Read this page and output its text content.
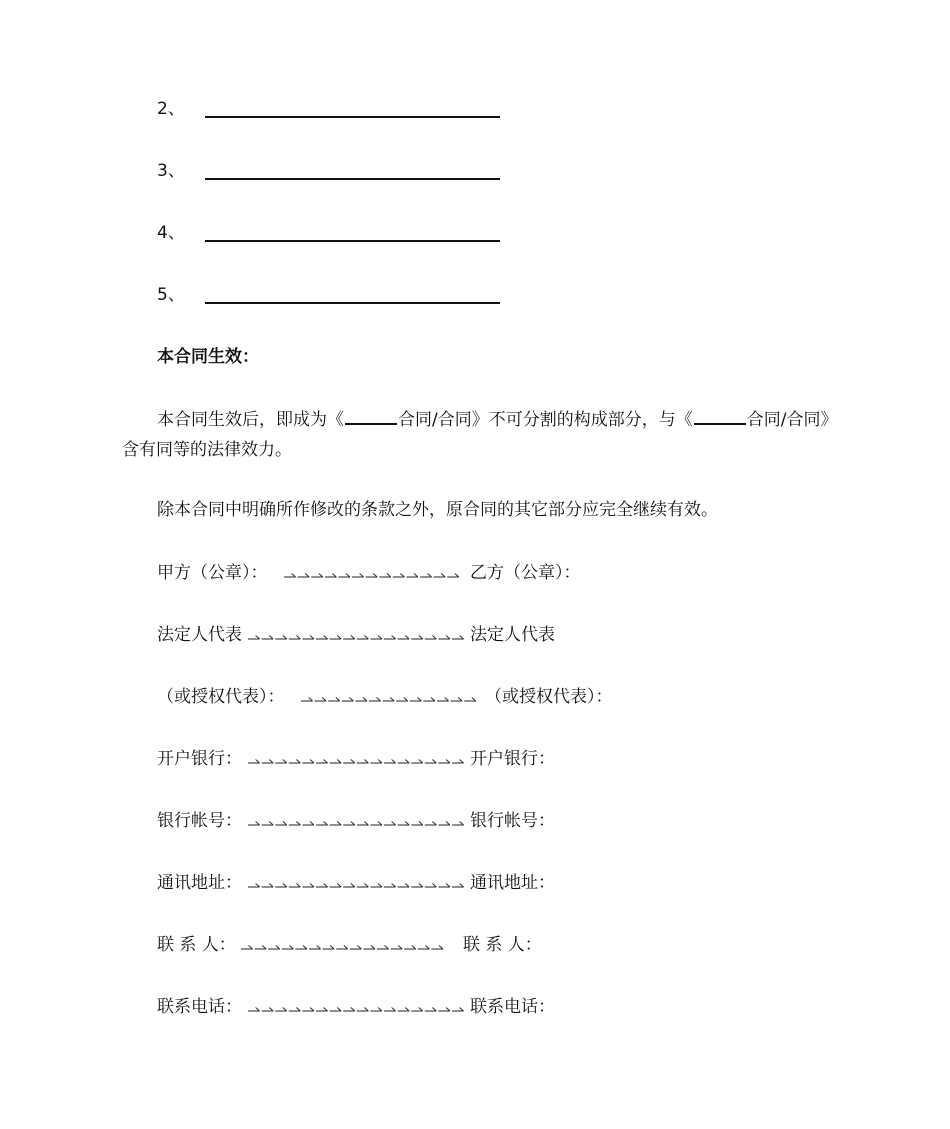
2、
3、
4、
5、
本合同生效：
本合同生效后，即成为《	合同/合同》不可分割的构成部分，与《	合同/合同》含有同等的法律效力。
除本合同中明确所作修改的条款之外，原合同的其它部分应完全继续有效。
甲方（公章）：	乙方（公章）：
法定人代表	法定人代表
（或授权代表）：	（或授权代表）：
开户银行：	开户银行：
银行帐号：	银行帐号：
通讯地址：	通讯地址：
联 系 人：	联 系 人：
联系电话：	联系电话：
